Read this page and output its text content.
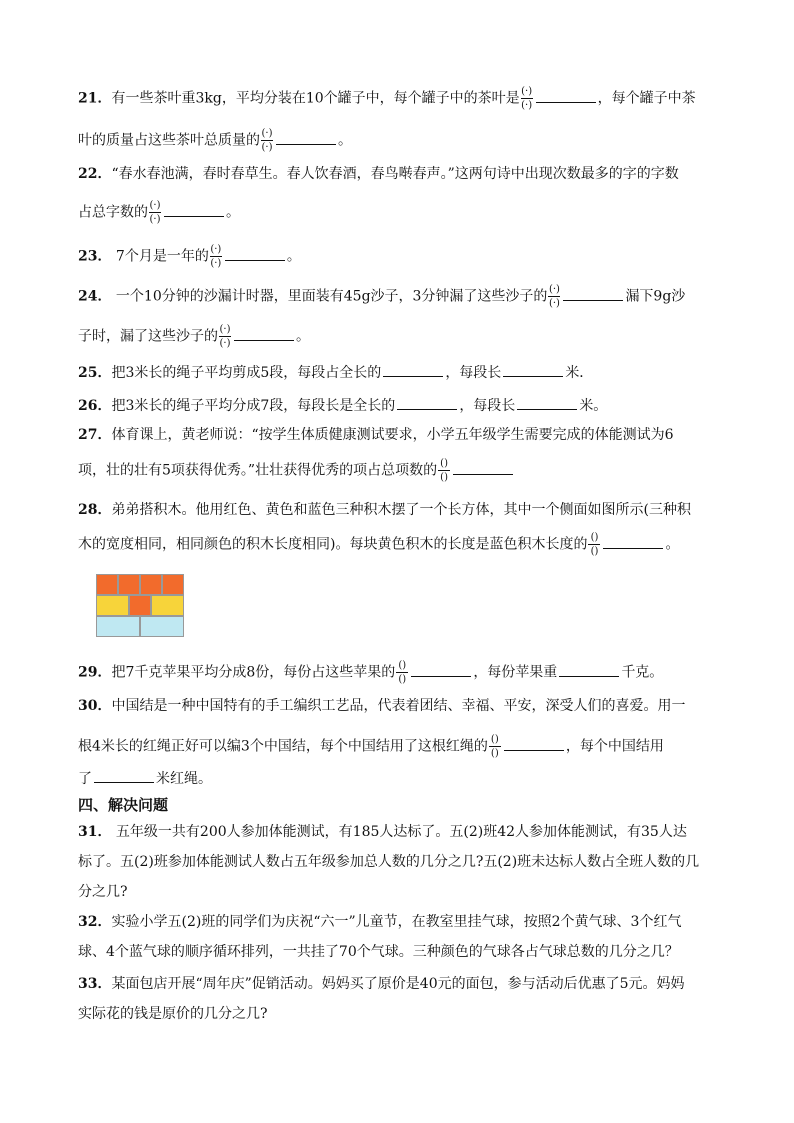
21．有一些茶叶重3kg，平均分装在10个罐子中，每个罐子中的茶叶是 $\frac{(\cdot)}{(\cdot)}$	，每个罐子中茶
叶的质量占这些茶叶总质量的 $\frac{(\cdot)}{(\cdot)}$	。
22．“春水春池满，春时春草生。春人饮春酒，春鸟啭春声。”这两句诗中出现次数最多的字的字数
占总字数的 $\frac{(\cdot)}{(\cdot)}$	。
23． 7个月是一年的 $\frac{(\cdot)}{(\cdot)}$	。
24． 一个10分钟的沙漏计时器，里面装有45g沙子，3分钟漏了这些沙子的 $\frac{(\cdot)}{(\cdot)}$	漏下9g沙
子时，漏了这些沙子的 $\frac{(\cdot)}{(\cdot)}$	。
25．把3米长的绳子平均剪成5段，每段占全长的	，每段长	米．
26．把3米长的绳子平均分成7段，每段长是全长的	，每段长	米。
27．体育课上，黄老师说：“按学生体质健康测试要求，小学五年级学生需要完成的体能测试为6
项，壮的壮有5项获得优秀。”壮壮获得优秀的项占总项数的 $\frac{()}{()}$
28．弟弟搭积木。他用红色、黄色和蓝色三种积木摆了一个长方体，其中一个侧面如图所示(三种积
木的宽度相同，相同颜色的积木长度相同)。每块黄色积木的长度是蓝色积木长度的 $\frac{()}{()}$	。
29．把7千克苹果平均分成8份，每份占这些苹果的 $\frac{()}{()}$	，每份苹果重	千克。
30．中国结是一种中国特有的手工编织工艺品，代表着团结、幸福、平安，深受人们的喜爱。用一
根4米长的红绳正好可以编3个中国结，每个中国结用了这根红绳的 $\frac{()}{()}$	，每个中国结用
了	米红绳。
31． 五年级一共有200人参加体能测试，有185人达标了。五(2)班42人参加体能测试，有35人达
标了。五(2)班参加体能测试人数占五年级参加总人数的几分之几?五(2)班未达标人数占全班人数的几
分之几?
32．实验小学五(2)班的同学们为庆祝“六一”儿童节，在教室里挂气球，按照2个黄气球、3个红气
球、4个蓝气球的顺序循环排列，一共挂了70个气球。三种颜色的气球各占气球总数的几分之几？
33．某面包店开展“周年庆”促销活动。妈妈买了原价是40元的面包，参与活动后优惠了5元。妈妈
实际花的钱是原价的几分之几?
四、解决问题
